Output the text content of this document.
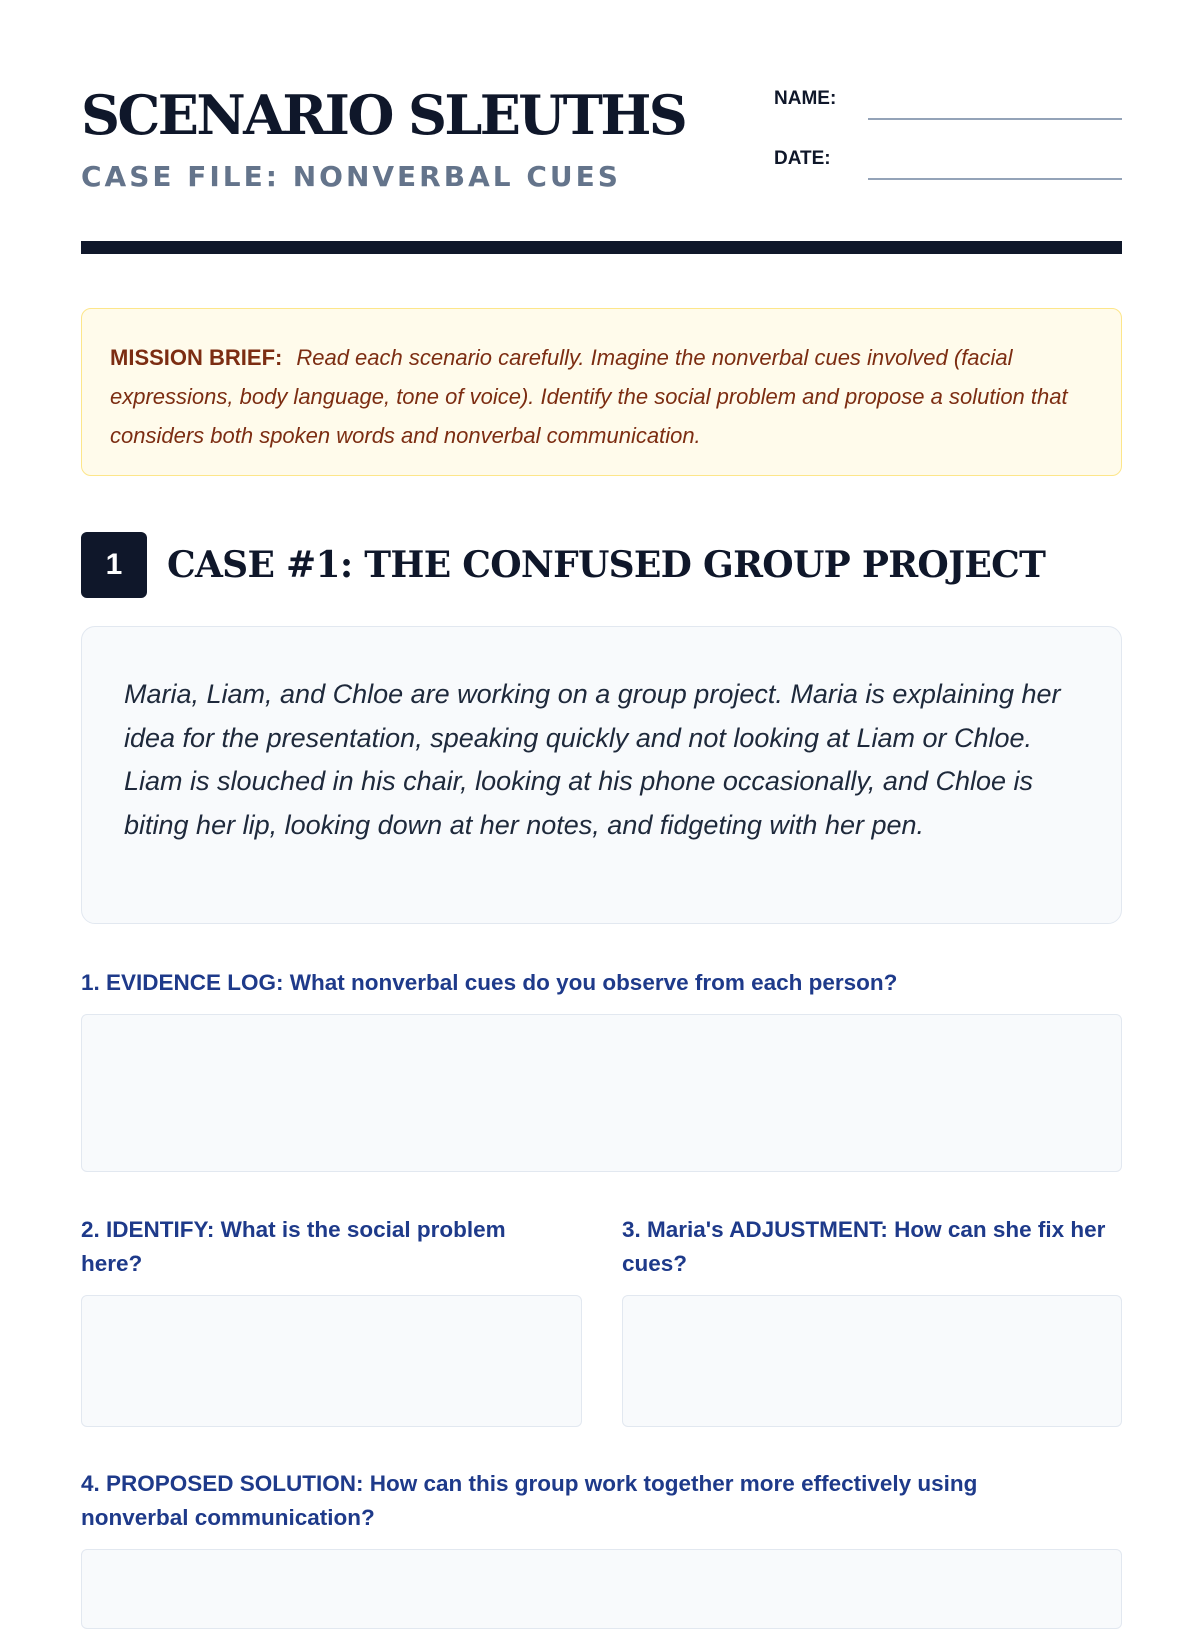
SCENARIO SLEUTHS
CASE FILE: NONVERBAL CUES
NAME:
DATE:
MISSION BRIEF: Read each scenario carefully. Imagine the nonverbal cues involved (facial expressions, body language, tone of voice). Identify the social problem and propose a solution that considers both spoken words and nonverbal communication.
1	CASE #1: THE CONFUSED GROUP PROJECT
Maria, Liam, and Chloe are working on a group project. Maria is explaining her idea for the presentation, speaking quickly and not looking at Liam or Chloe. Liam is slouched in his chair, looking at his phone occasionally, and Chloe is biting her lip, looking down at her notes, and fidgeting with her pen.

1. EVIDENCE LOG: What nonverbal cues do you observe from each person?

2. IDENTIFY: What is the social problem here?

3. Maria's ADJUSTMENT: How can she fix her cues?

4. PROPOSED SOLUTION: How can this group work together more effectively using nonverbal communication?
